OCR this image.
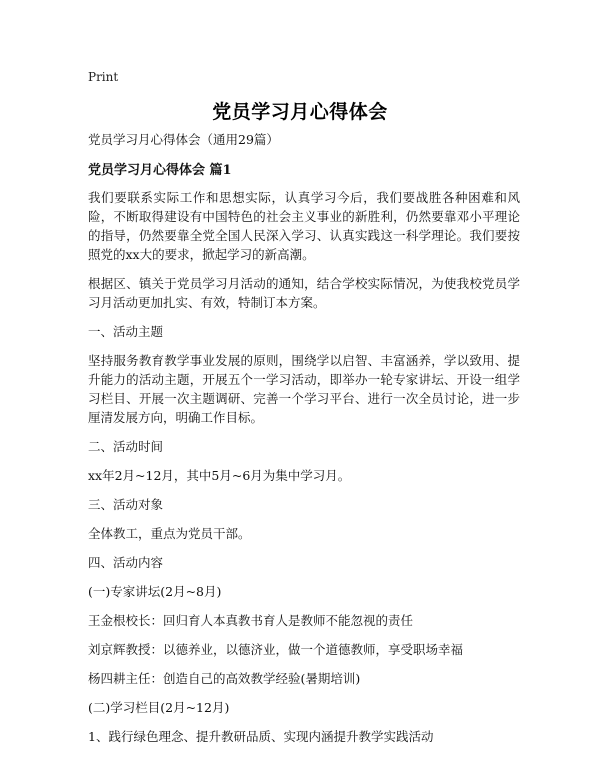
Print
党员学习月心得体会
党员学习月心得体会（通用29篇）
党员学习月心得体会 篇1
我们要联系实际工作和思想实际，认真学习今后，我们要战胜各种困难和风险，不断取得建设有中国特色的社会主义事业的新胜利，仍然要靠邓小平理论的指导，仍然要靠全党全国人民深入学习、认真实践这一科学理论。我们要按照党的xx大的要求，掀起学习的新高潮。
根据区、镇关于党员学习月活动的通知，结合学校实际情况，为使我校党员学习月活动更加扎实、有效，特制订本方案。
一、活动主题
坚持服务教育教学事业发展的原则，围绕学以启智、丰富涵养，学以致用、提升能力的活动主题，开展五个一学习活动，即举办一轮专家讲坛、开设一组学习栏目、开展一次主题调研、完善一个学习平台、进行一次全员讨论，进一步厘清发展方向，明确工作目标。
二、活动时间
xx年2月~12月，其中5月~6月为集中学习月。
三、活动对象
全体教工，重点为党员干部。
四、活动内容
(一)专家讲坛(2月~8月)
王金根校长：回归育人本真教书育人是教师不能忽视的责任
刘京辉教授：以德养业，以德济业，做一个道德教师，享受职场幸福
杨四耕主任：创造自己的高效教学经验(暑期培训)
(二)学习栏目(2月~12月)
1、践行绿色理念、提升教研品质、实现内涵提升教学实践活动
